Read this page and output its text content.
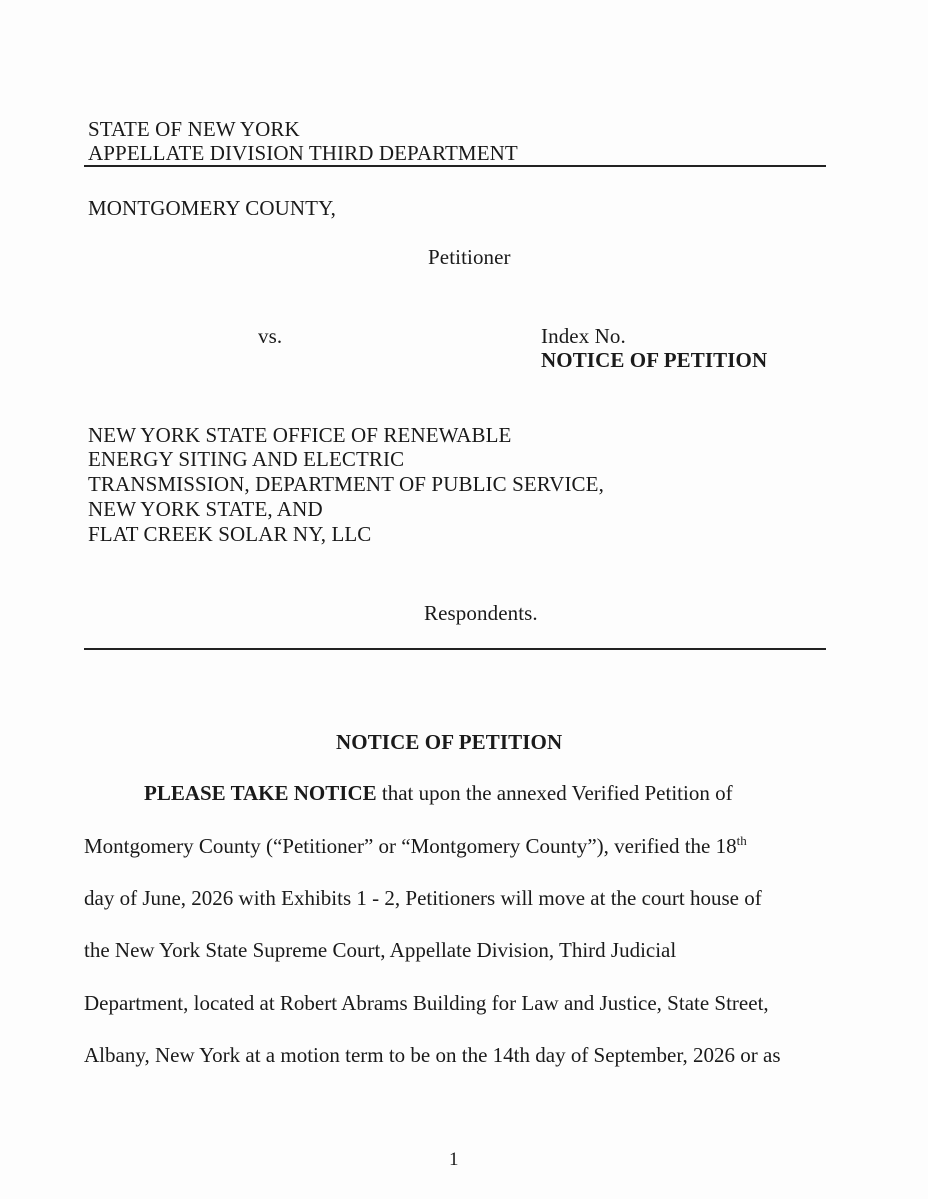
STATE OF NEW YORK
APPELLATE DIVISION THIRD DEPARTMENT
MONTGOMERY COUNTY,
Petitioner
vs.	Index No.
NOTICE OF PETITION
NEW YORK STATE OFFICE OF RENEWABLE
ENERGY SITING AND ELECTRIC
TRANSMISSION, DEPARTMENT OF PUBLIC SERVICE,
NEW YORK STATE, AND
FLAT CREEK SOLAR NY, LLC
Respondents.
NOTICE OF PETITION
PLEASE TAKE NOTICE that upon the annexed Verified Petition of
Montgomery County (“Petitioner” or “Montgomery County”), verified the 18th
day of June, 2026 with Exhibits 1 - 2, Petitioners will move at the court house of
the New York State Supreme Court, Appellate Division, Third Judicial
Department, located at Robert Abrams Building for Law and Justice, State Street,
Albany, New York at a motion term to be on the 14th day of September, 2026 or as
1
